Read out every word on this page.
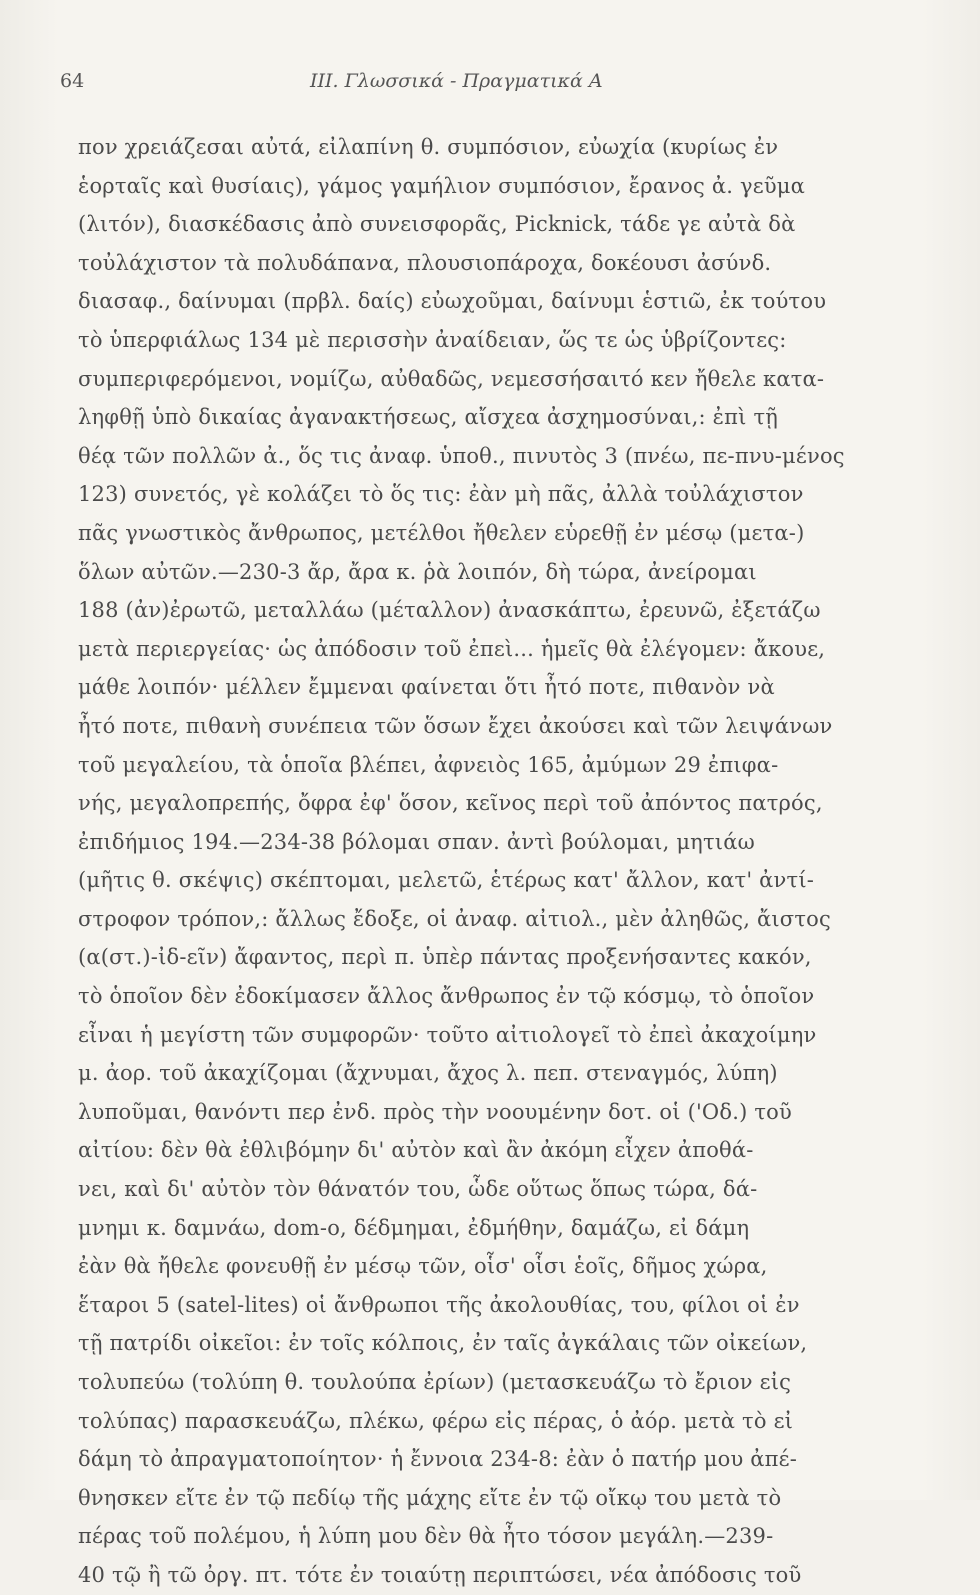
64	III. Γλωσσικά - Πραγματικά Α
πον χρειάζεσαι αὐτά, εἰλαπίνη θ. συμπόσιον, εὐωχία (κυρίως ἐν
ἑορταῖς καὶ θυσίαις), γάμος γαμήλιον συμπόσιον, ἔρανος ἀ. γεῦμα
(λιτόν), διασκέδασις ἀπὸ συνεισφορᾶς, Picknick, τάδε γε αὐτὰ δὰ
τοὐλάχιστον τὰ πολυδάπανα, πλουσιοπάροχα, δοκέουσι ἀσύνδ.
διασαφ., δαίνυμαι (πρβλ. δαίς) εὐωχοῦμαι, δαίνυμι ἑστιῶ, ἐκ τούτου
τὸ ὑπερφιάλως 134 μὲ περισσὴν ἀναίδειαν, ὥς τε ὡς ὑβρίζοντες:
συμπεριφερόμενοι, νομίζω, αὐθαδῶς, νεμεσσήσαιτό κεν ἤθελε κατα-
ληφθῇ ὑπὸ δικαίας ἀγανακτήσεως, αἴσχεα ἀσχημοσύναι,: ἐπὶ τῇ
θέᾳ τῶν πολλῶν ἀ., ὅς τις ἀναφ. ὑποθ., πινυτὸς 3 (πνέω, πε-πνυ-μένος
123) συνετός, γὲ κολάζει τὸ ὅς τις: ἐὰν μὴ πᾶς, ἀλλὰ τοὐλάχιστον
πᾶς γνωστικὸς ἄνθρωπος, μετέλθοι ἤθελεν εὑρεθῇ ἐν μέσῳ (μετα-)
ὅλων αὐτῶν.—230-3 ἄρ, ἄρα κ. ῥὰ λοιπόν, δὴ τώρα, ἀνείρομαι
188 (ἀν)ἐρωτῶ, μεταλλάω (μέταλλον) ἀνασκάπτω, ἐρευνῶ, ἐξετάζω
μετὰ περιεργείας· ὡς ἀπόδοσιν τοῦ ἐπεὶ... ἡμεῖς θὰ ἐλέγομεν: ἄκουε,
μάθε λοιπόν· μέλλεν ἔμμεναι φαίνεται ὅτι ἦτό ποτε, πιθανὸν νὰ
ἦτό ποτε, πιθανὴ συνέπεια τῶν ὅσων ἔχει ἀκούσει καὶ τῶν λειψάνων
τοῦ μεγαλείου, τὰ ὁποῖα βλέπει, ἀφνειὸς 165, ἀμύμων 29 ἐπιφα-
νής, μεγαλοπρεπής, ὄφρα ἐφ' ὅσον, κεῖνος περὶ τοῦ ἀπόντος πατρός,
ἐπιδήμιος 194.—234-38 βόλομαι σπαν. ἀντὶ βούλομαι, μητιάω
(μῆτις θ. σκέψις) σκέπτομαι, μελετῶ, ἑτέρως κατ' ἄλλον, κατ' ἀντί-
στροφον τρόπον,: ἄλλως ἔδοξε, οἱ ἀναφ. αἰτιολ., μὲν ἀληθῶς, ἄιστος
(α(στ.)-ἰδ-εῖν) ἄφαντος, περὶ π. ὑπὲρ πάντας προξενήσαντες κακόν,
τὸ ὁποῖον δὲν ἐδοκίμασεν ἄλλος ἄνθρωπος ἐν τῷ κόσμῳ, τὸ ὁποῖον
εἶναι ἡ μεγίστη τῶν συμφορῶν· τοῦτο αἰτιολογεῖ τὸ ἐπεὶ ἀκαχοίμην
μ. ἀορ. τοῦ ἀκαχίζομαι (ἄχνυμαι, ἄχος λ. πεπ. στεναγμός, λύπη)
λυποῦμαι, θανόντι περ ἐνδ. πρὸς τὴν νοουμένην δοτ. οἱ ('Οδ.) τοῦ
αἰτίου: δὲν θὰ ἐθλιβόμην δι' αὐτὸν καὶ ἂν ἀκόμη εἶχεν ἀποθά-
νει, καὶ δι' αὐτὸν τὸν θάνατόν του, ὧδε οὕτως ὅπως τώρα, δά-
μνημι κ. δαμνάω, dom-o, δέδμημαι, ἐδμήθην, δαμάζω, εἰ δάμη
ἐὰν θὰ ἤθελε φονευθῇ ἐν μέσῳ τῶν, οἷσ' οἷσι ἑοῖς, δῆμος χώρα,
ἕταροι 5 (satel-lites) οἱ ἄνθρωποι τῆς ἀκολουθίας, του, φίλοι οἱ ἐν
τῇ πατρίδι οἰκεῖοι: ἐν τοῖς κόλποις, ἐν ταῖς ἀγκάλαις τῶν οἰκείων,
τολυπεύω (τολύπη θ. τουλούπα ἐρίων) (μετασκευάζω τὸ ἔριον εἰς
τολύπας) παρασκευάζω, πλέκω, φέρω εἰς πέρας, ὁ ἀόρ. μετὰ τὸ εἰ
δάμη τὸ ἀπραγματοποίητον· ἡ ἔννοια 234-8: ἐὰν ὁ πατήρ μου ἀπέ-
θνησκεν εἴτε ἐν τῷ πεδίῳ τῆς μάχης εἴτε ἐν τῷ οἴκῳ του μετὰ τὸ
πέρας τοῦ πολέμου, ἡ λύπη μου δὲν θὰ ἦτο τόσον μεγάλη.—239-
40 τῷ ἢ τῶ ὀργ. πτ. τότε ἐν τοιαύτῃ περιπτώσει, νέα ἀπόδοσις τοῦ
